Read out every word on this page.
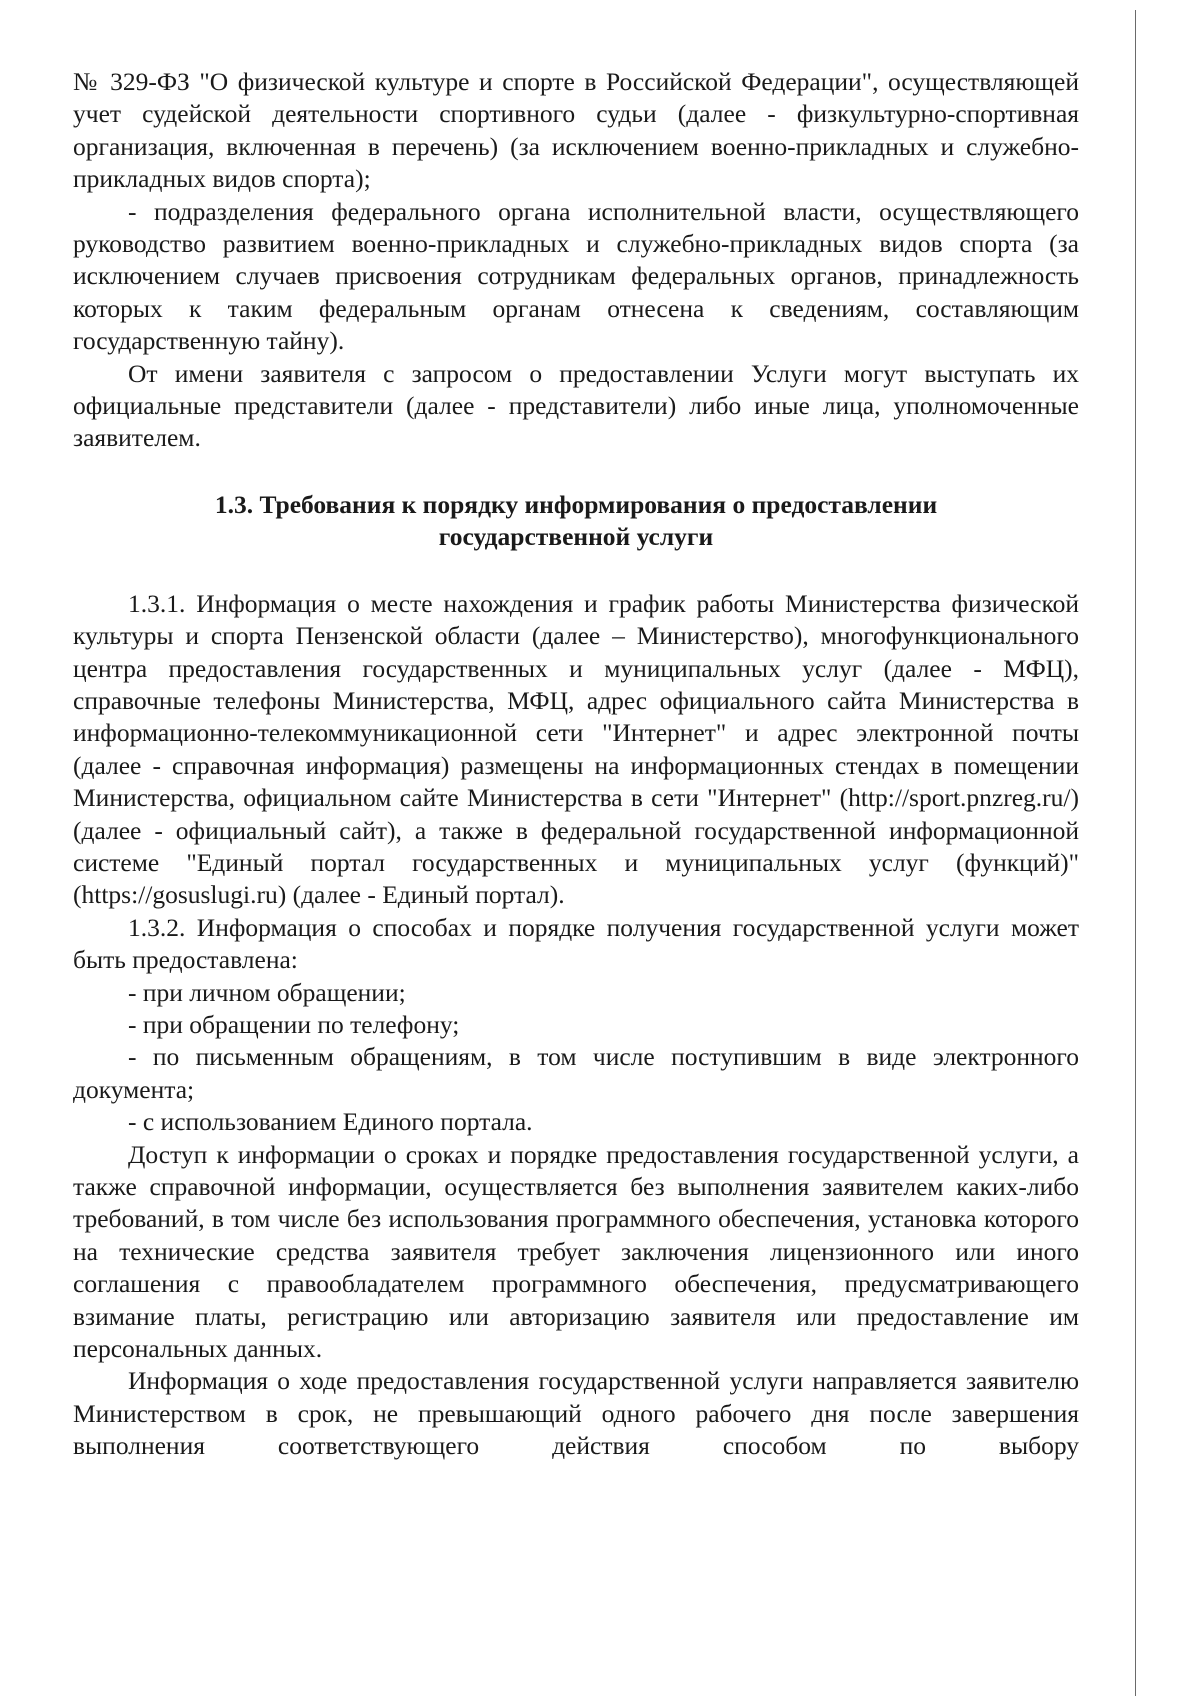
№ 329-ФЗ "О физической культуре и спорте в Российской Федерации", осуществляющей учет судейской деятельности спортивного судьи (далее - физкультурно-спортивная организация, включенная в перечень) (за исключением военно-прикладных и служебно-прикладных видов спорта);

- подразделения федерального органа исполнительной власти, осуществляющего руководство развитием военно-прикладных и служебно-прикладных видов спорта (за исключением случаев присвоения сотрудникам федеральных органов, принадлежность которых к таким федеральным органам отнесена к сведениям, составляющим государственную тайну).

От имени заявителя с запросом о предоставлении Услуги могут выступать их официальные представители (далее - представители) либо иные лица, уполномоченные заявителем.

1.3. Требования к порядку информирования о предоставлении
государственной услуги

1.3.1. Информация о месте нахождения и график работы Министерства физической культуры и спорта Пензенской области (далее – Министерство), многофункционального центра предоставления государственных и муниципальных услуг (далее - МФЦ), справочные телефоны Министерства, МФЦ, адрес официального сайта Министерства в информационно-телекоммуникационной сети "Интернет" и адрес электронной почты (далее - справочная информация) размещены на информационных стендах в помещении Министерства, официальном сайте Министерства в сети "Интернет" (http://sport.pnzreg.ru/) (далее - официальный сайт), а также в федеральной государственной информационной системе "Единый портал государственных и муниципальных услуг (функций)" (https://gosuslugi.ru) (далее - Единый портал).

1.3.2. Информация о способах и порядке получения государственной услуги может быть предоставлена:

- при личном обращении;

- при обращении по телефону;

- по письменным обращениям, в том числе поступившим в виде электронного документа;

- с использованием Единого портала.

Доступ к информации о сроках и порядке предоставления государственной услуги, а также справочной информации, осуществляется без выполнения заявителем каких-либо требований, в том числе без использования программного обеспечения, установка которого на технические средства заявителя требует заключения лицензионного или иного соглашения с правообладателем программного обеспечения, предусматривающего взимание платы, регистрацию или авторизацию заявителя или предоставление им персональных данных.

Информация о ходе предоставления государственной услуги направляется заявителю Министерством в срок, не превышающий одного рабочего дня после завершения выполнения соответствующего действия способом по выбору
